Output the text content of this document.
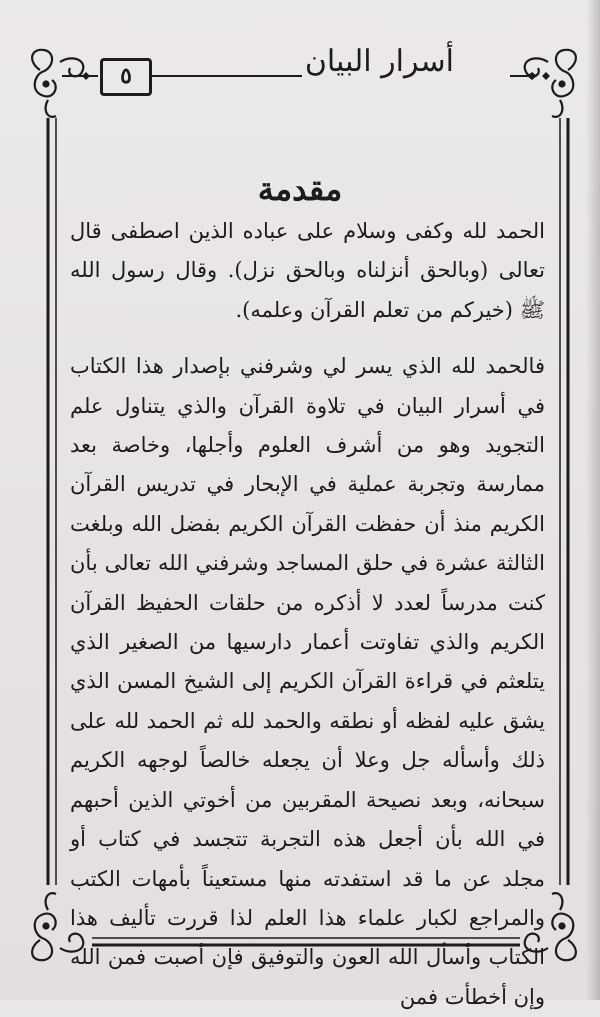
أسرار البيان
٥
مقدمة

الحمد لله وكفى وسلام على عباده الذين اصطفى قال تعالى (وبالحق أنزلناه وبالحق نزل). وقال رسول الله ﷺ (خيركم من تعلم القرآن وعلمه).

فالحمد لله الذي يسر لي وشرفني بإصدار هذا الكتاب في أسرار البيان في تلاوة القرآن والذي يتناول علم التجويد وهو من أشرف العلوم وأجلها، وخاصة بعد ممارسة وتجربة عملية في الإبحار في تدريس القرآن الكريم منذ أن حفظت القرآن الكريم بفضل الله وبلغت الثالثة عشرة في حلق المساجد وشرفني الله تعالى بأن كنت مدرساً لعدد لا أذكره من حلقات الحفيظ القرآن الكريم والذي تفاوتت أعمار دارسيها من الصغير الذي يتلعثم في قراءة القرآن الكريم إلى الشيخ المسن الذي يشق عليه لفظه أو نطقه والحمد لله ثم الحمد لله على ذلك وأسأله جل وعلا أن يجعله خالصاً لوجهه الكريم سبحانه، وبعد نصيحة المقربين من أخوتي الذين أحبهم في الله بأن أجعل هذه التجربة تتجسد في كتاب أو مجلد عن ما قد استفدته منها مستعيناً بأمهات الكتب والمراجع لكبار علماء هذا العلم لذا قررت تأليف هذا الكتاب وأسأل الله العون والتوفيق فإن أصبت فمن الله وإن أخطأت فمن
